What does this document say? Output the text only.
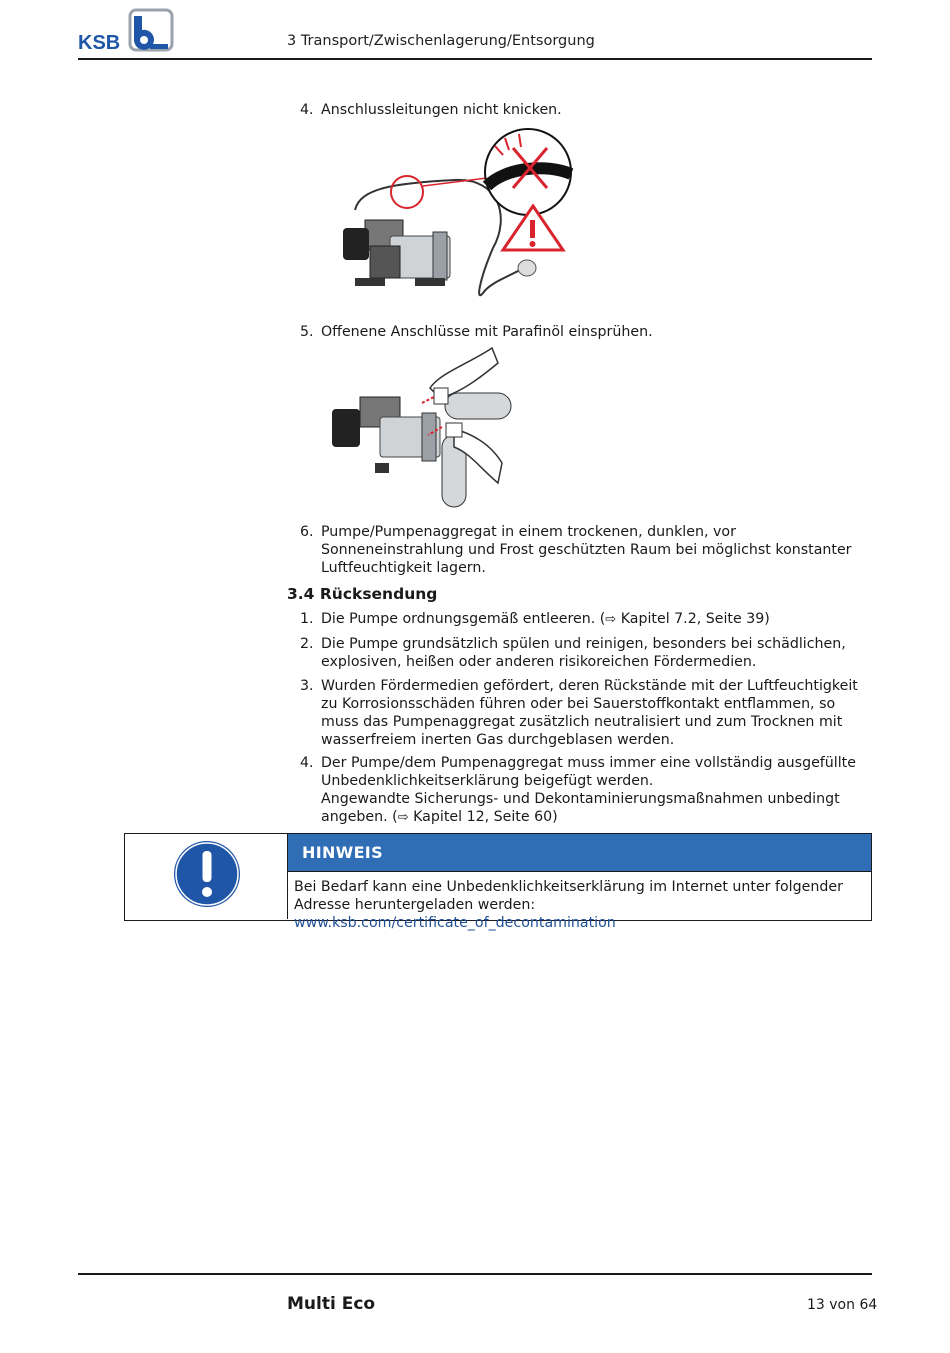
KSB	3 Transport/Zwischenlagerung/Entsorgung
4. Anschlussleitungen nicht knicken.
5. Offenene Anschlüsse mit Parafinöl einsprühen.
6. Pumpe/Pumpenaggregat in einem trockenen, dunklen, vor Sonneneinstrahlung und Frost geschützten Raum bei möglichst konstanter Luftfeuchtigkeit lagern.
3.4 Rücksendung
1. Die Pumpe ordnungsgemäß entleeren. (⇨ Kapitel 7.2, Seite 39)
2. Die Pumpe grundsätzlich spülen und reinigen, besonders bei schädlichen, explosiven, heißen oder anderen risikoreichen Fördermedien.
3. Wurden Fördermedien gefördert, deren Rückstände mit der Luftfeuchtigkeit zu Korrosionsschäden führen oder bei Sauerstoffkontakt entflammen, so muss das Pumpenaggregat zusätzlich neutralisiert und zum Trocknen mit wasserfreiem inerten Gas durchgeblasen werden.
4. Der Pumpe/dem Pumpenaggregat muss immer eine vollständig ausgefüllte Unbedenklichkeitserklärung beigefügt werden.
Angewandte Sicherungs- und Dekontaminierungsmaßnahmen unbedingt angeben. (⇨ Kapitel 12, Seite 60)
HINWEIS
Bei Bedarf kann eine Unbedenklichkeitserklärung im Internet unter folgender Adresse heruntergeladen werden: www.ksb.com/certificate_of_decontamination
Multi Eco	13 von 64
